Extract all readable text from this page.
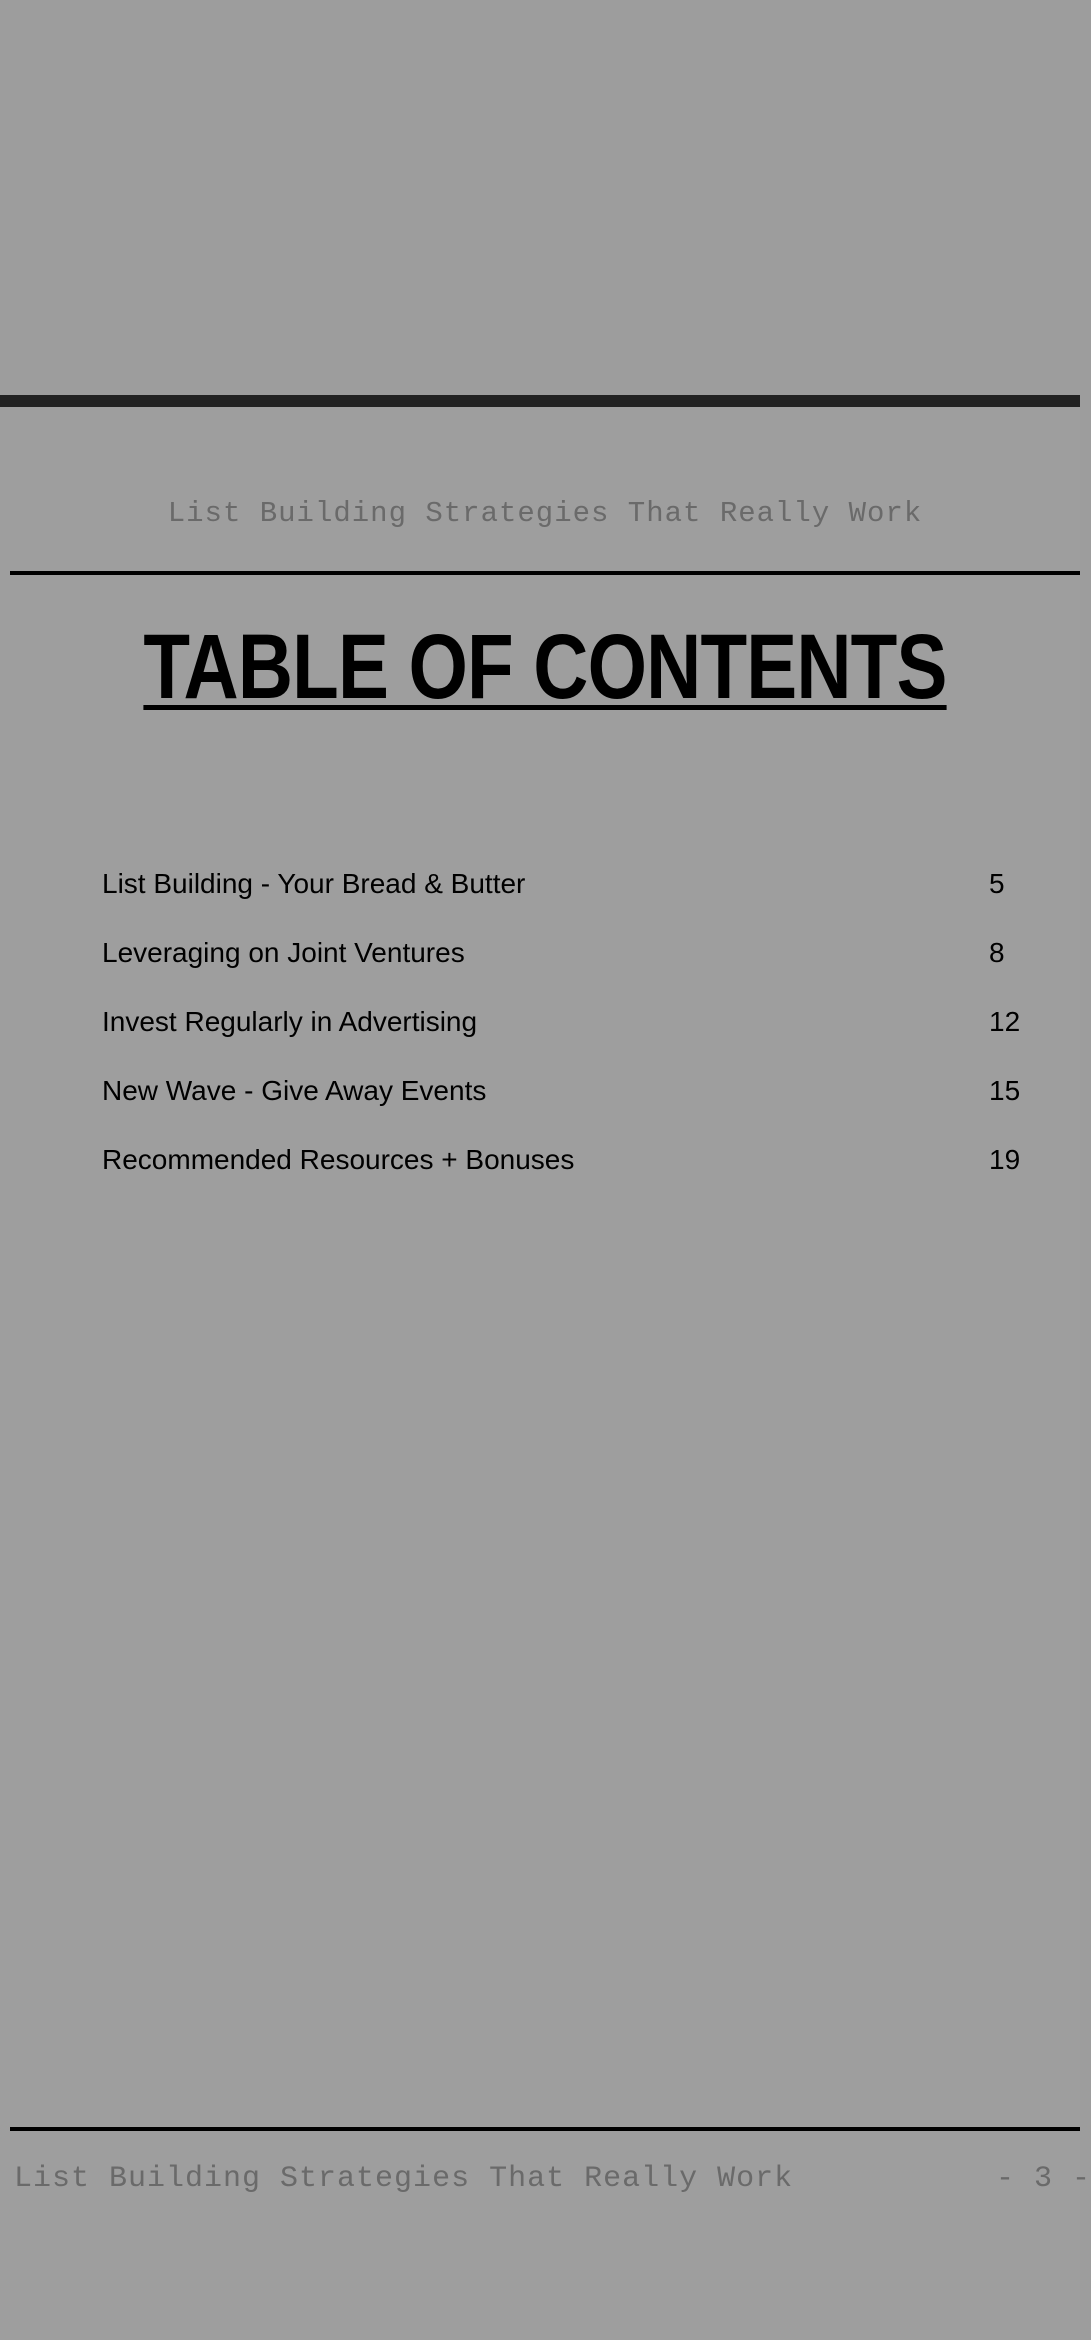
List Building Strategies That Really Work
TABLE OF CONTENTS
List Building - Your Bread & Butter	5
Leveraging on Joint Ventures	8
Invest Regularly in Advertising	12
New Wave - Give Away Events	15
Recommended Resources + Bonuses	19
List Building Strategies That Really Work	- 3 -
